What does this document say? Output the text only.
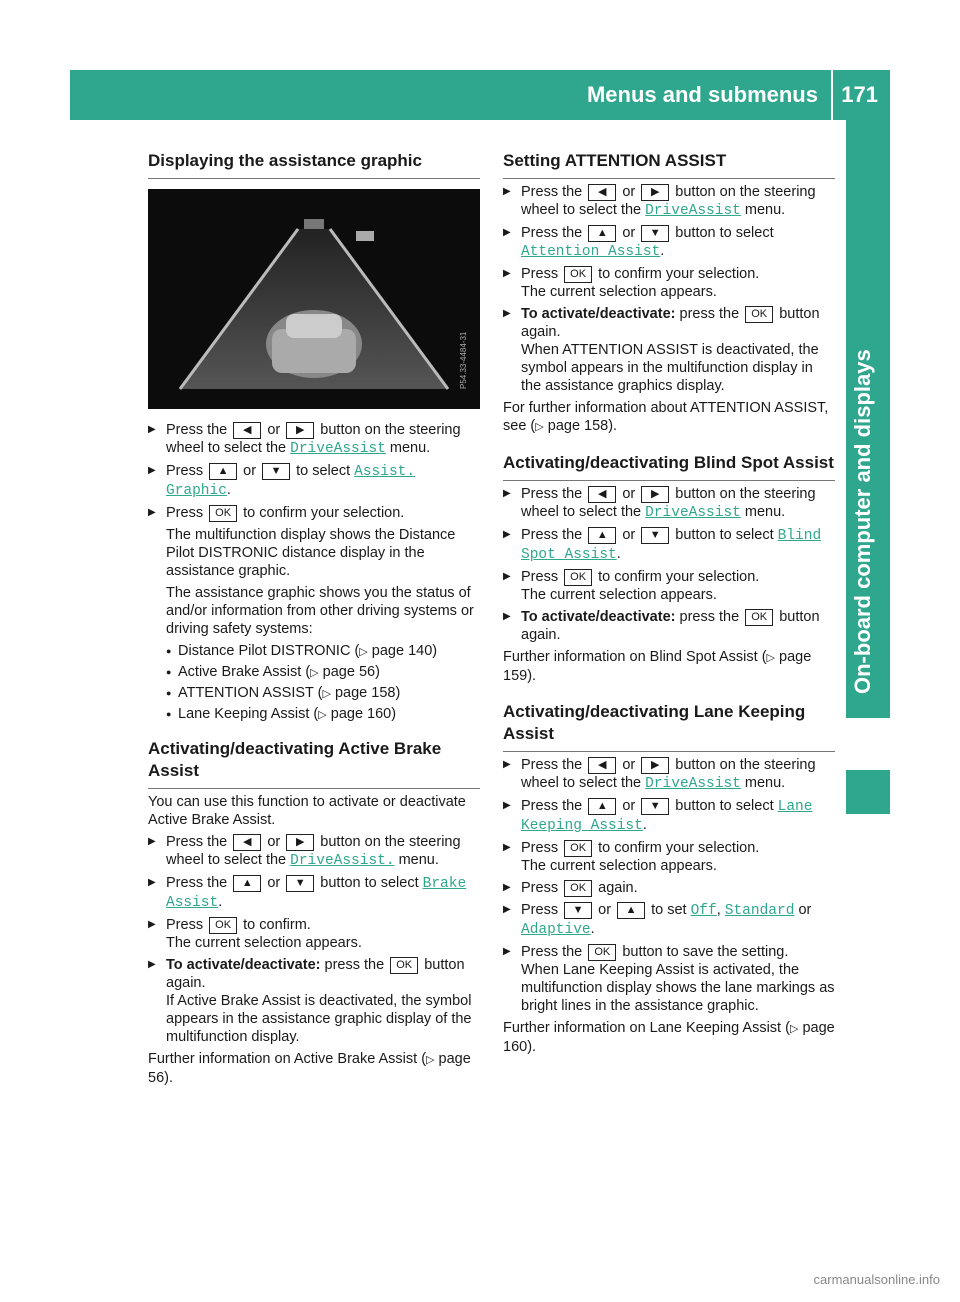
Menus and submenus 171
On-board computer and displays
Displaying the assistance graphic
P54.33-4484-31
▶ Press the ◀ or ▶ button on the steering wheel to select the DriveAssist menu.
▶ Press ▲ or ▼ to select Assist. Graphic.
▶ Press OK to confirm your selection.

The multifunction display shows the Distance Pilot DISTRONIC distance display in the assistance graphic.

The assistance graphic shows you the status of and/or information from other driving systems or driving safety systems:

● Distance Pilot DISTRONIC (▷ page 140)
● Active Brake Assist (▷ page 56)
● ATTENTION ASSIST (▷ page 158)
● Lane Keeping Assist (▷ page 160)
Activating/deactivating Active Brake Assist

You can use this function to activate or deactivate Active Brake Assist.

▶ Press the ◀ or ▶ button on the steering wheel to select the DriveAssist. menu.
▶ Press the ▲ or ▼ button to select Brake Assist.
▶ Press OK to confirm.
The current selection appears.
▶ To activate/deactivate: press the OK button again.
If Active Brake Assist is deactivated, the symbol appears in the assistance graphic display of the multifunction display.

Further information on Active Brake Assist (▷ page 56).

Setting ATTENTION ASSIST
▶ Press the ◀ or ▶ button on the steering wheel to select the DriveAssist menu.
▶ Press the ▲ or ▼ button to select Attention Assist.
▶ Press OK to confirm your selection.
The current selection appears.
▶ To activate/deactivate: press the OK button again.
When ATTENTION ASSIST is deactivated, the symbol appears in the multifunction display in the assistance graphics display.

For further information about ATTENTION ASSIST, see (▷ page 158).

Activating/deactivating Blind Spot Assist
▶ Press the ◀ or ▶ button on the steering wheel to select the DriveAssist menu.
▶ Press the ▲ or ▼ button to select Blind Spot Assist.
▶ Press OK to confirm your selection.
The current selection appears.
▶ To activate/deactivate: press the OK button again.

Further information on Blind Spot Assist (▷ page 159).

Activating/deactivating Lane Keeping Assist
▶ Press the ◀ or ▶ button on the steering wheel to select the DriveAssist menu.
▶ Press the ▲ or ▼ button to select Lane Keeping Assist.
▶ Press OK to confirm your selection.
The current selection appears.
▶ Press OK again.
▶ Press ▼ or ▲ to set Off, Standard or Adaptive.
▶ Press the OK button to save the setting.
When Lane Keeping Assist is activated, the multifunction display shows the lane markings as bright lines in the assistance graphic.

Further information on Lane Keeping Assist (▷ page 160).

carmanualsonline.info
